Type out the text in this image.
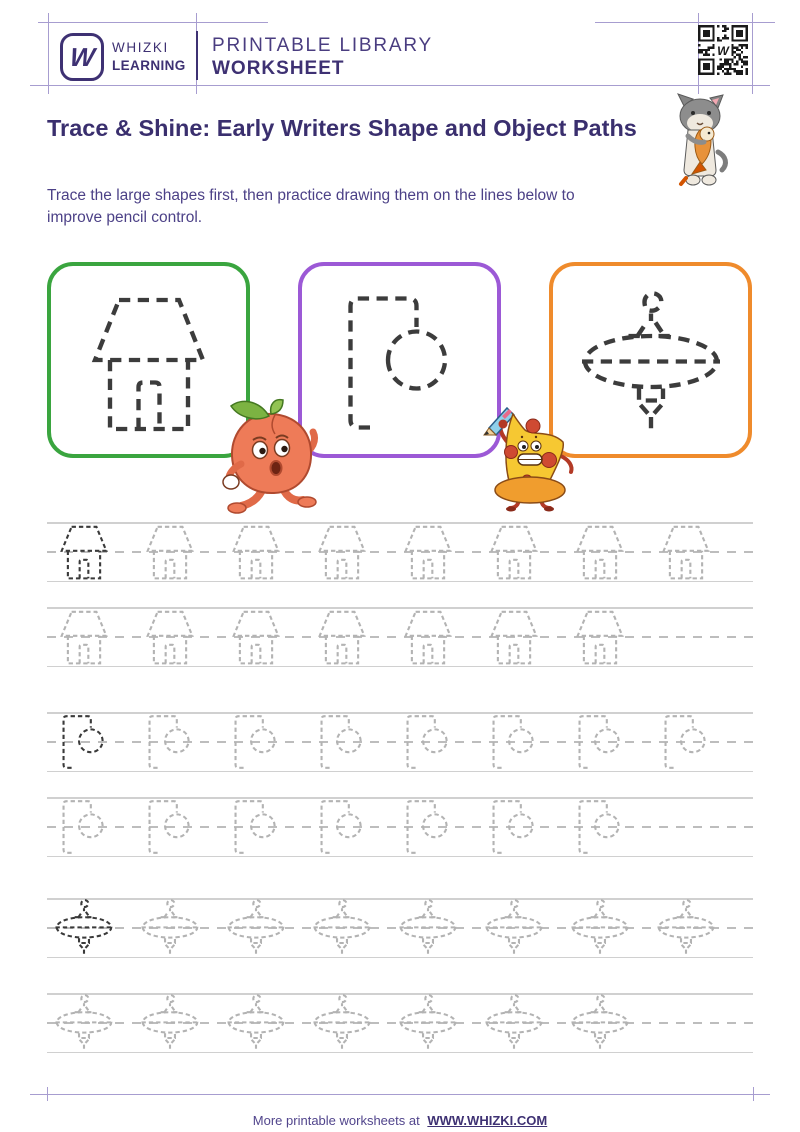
W WHIZKI
LEARNING
PRINTABLE LIBRARY
WORKSHEET
W
Trace & Shine: Early Writers Shape and Object Paths

Trace the large shapes first, then practice drawing them on the lines below to improve pencil control.

More printable worksheets at WWW.WHIZKI.COM
